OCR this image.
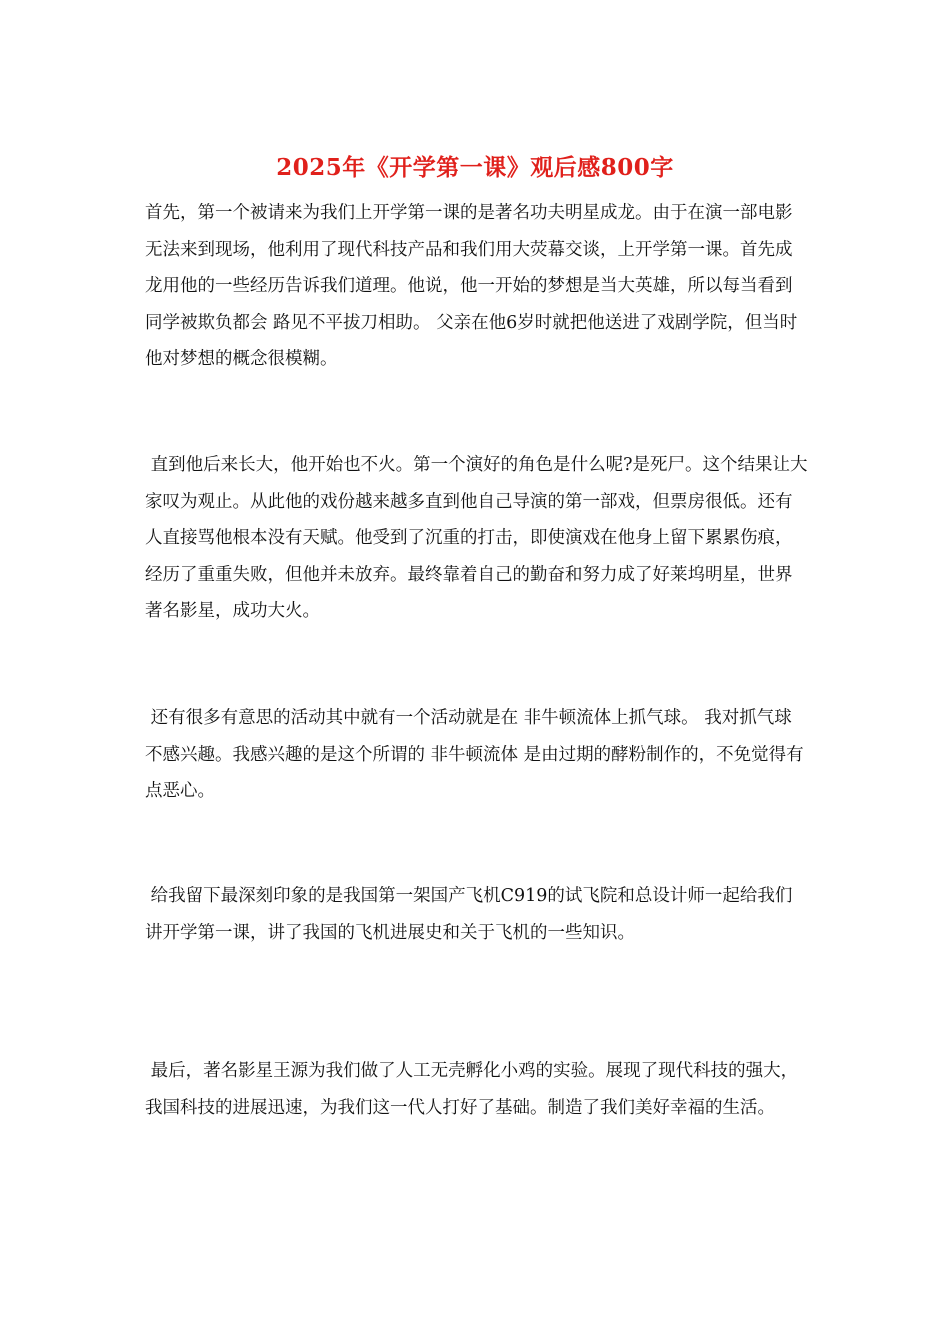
2025年《开学第一课》观后感800字

首先，第一个被请来为我们上开学第一课的是著名功夫明星成龙。由于在演一部电影无法来到现场，他利用了现代科技产品和我们用大荧幕交谈，上开学第一课。首先成龙用他的一些经历告诉我们道理。他说，他一开始的梦想是当大英雄，所以每当看到同学被欺负都会 路见不平拔刀相助。 父亲在他6岁时就把他送进了戏剧学院，但当时他对梦想的概念很模糊。

直到他后来长大，他开始也不火。第一个演好的角色是什么呢?是死尸。这个结果让大家叹为观止。从此他的戏份越来越多直到他自己导演的第一部戏，但票房很低。还有人直接骂他根本没有天赋。他受到了沉重的打击，即使演戏在他身上留下累累伤痕，经历了重重失败，但他并未放弃。最终靠着自己的勤奋和努力成了好莱坞明星，世界著名影星，成功大火。

还有很多有意思的活动其中就有一个活动就是在 非牛顿流体上抓气球。 我对抓气球不感兴趣。我感兴趣的是这个所谓的 非牛顿流体 是由过期的酵粉制作的，不免觉得有点恶心。

给我留下最深刻印象的是我国第一架国产飞机C919的试飞院和总设计师一起给我们讲开学第一课，讲了我国的飞机进展史和关于飞机的一些知识。

最后，著名影星王源为我们做了人工无壳孵化小鸡的实验。展现了现代科技的强大，我国科技的进展迅速，为我们这一代人打好了基础。制造了我们美好幸福的生活。
